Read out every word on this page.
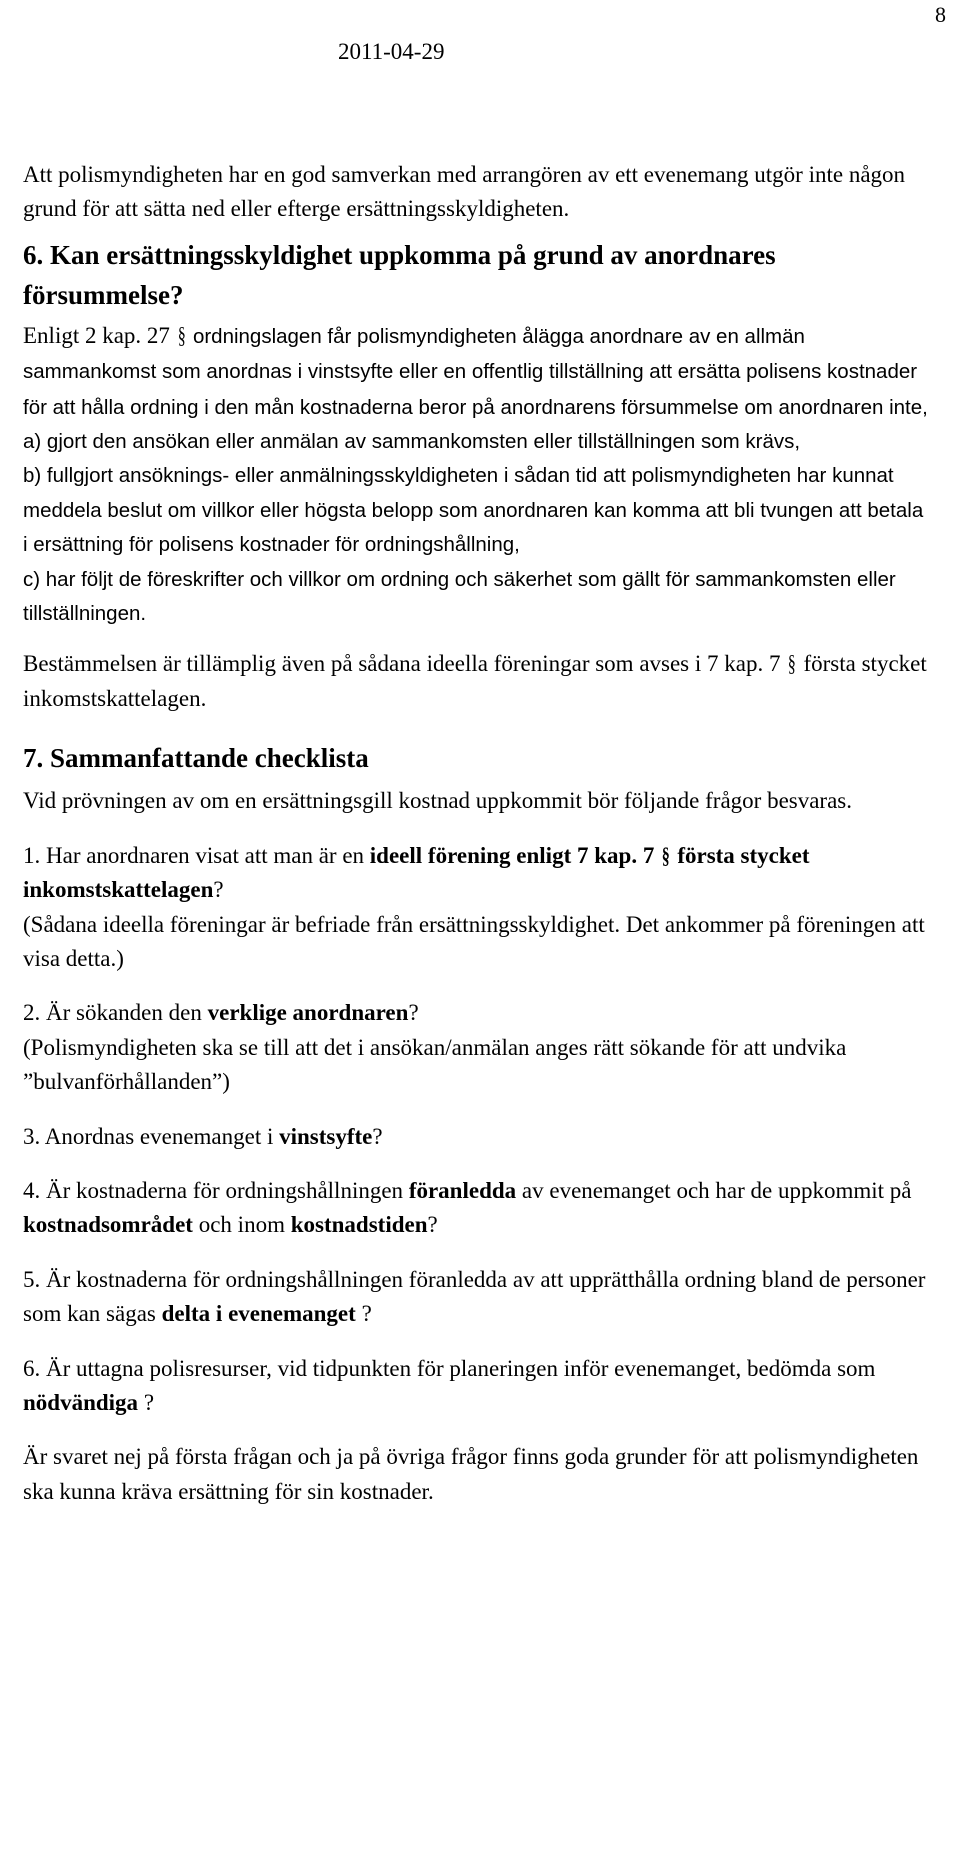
8
2011-04-29

Att polismyndigheten har en god samverkan med arrangören av ett evenemang utgör inte någon grund för att sätta ned eller efterge ersättningsskyldigheten.

6. Kan ersättningsskyldighet uppkomma på grund av anordnares försummelse?

Enligt 2 kap. 27 § ordningslagen får polismyndigheten ålägga anordnare av en allmän sammankomst som anordnas i vinstsyfte eller en offentlig tillställning att ersätta polisens kostnader för att hålla ordning i den mån kostnaderna beror på anordnarens försummelse om anordnaren inte,

a) gjort den ansökan eller anmälan av sammankomsten eller tillställningen som krävs,

b) fullgjort ansöknings- eller anmälningsskyldigheten i sådan tid att polismyndigheten har kunnat meddela beslut om villkor eller högsta belopp som anordnaren kan komma att bli tvungen att betala i ersättning för polisens kostnader för ordningshållning,

c) har följt de föreskrifter och villkor om ordning och säkerhet som gällt för sammankomsten eller tillställningen.

Bestämmelsen är tillämplig även på sådana ideella föreningar som avses i 7 kap. 7 § första stycket inkomstskattelagen.

7. Sammanfattande checklista

Vid prövningen av om en ersättningsgill kostnad uppkommit bör följande frågor besvaras.

1. Har anordnaren visat att man är en ideell förening enligt 7 kap. 7 § första stycket inkomstskattelagen?

(Sådana ideella föreningar är befriade från ersättningsskyldighet. Det ankommer på föreningen att visa detta.)

2. Är sökanden den verklige anordnaren?

(Polismyndigheten ska se till att det i ansökan/anmälan anges rätt sökande för att undvika ”bulvanförhållanden”)

3. Anordnas evenemanget i vinstsyfte?

4. Är kostnaderna för ordningshållningen föranledda av evenemanget och har de uppkommit på kostnadsområdet och inom kostnadstiden?

5. Är kostnaderna för ordningshållningen föranledda av att upprätthålla ordning bland de personer som kan sägas delta i evenemanget ?

6. Är uttagna polisresurser, vid tidpunkten för planeringen inför evenemanget, bedömda som nödvändiga ?

Är svaret nej på första frågan och ja på övriga frågor finns goda grunder för att polismyndigheten ska kunna kräva ersättning för sin kostnader.
